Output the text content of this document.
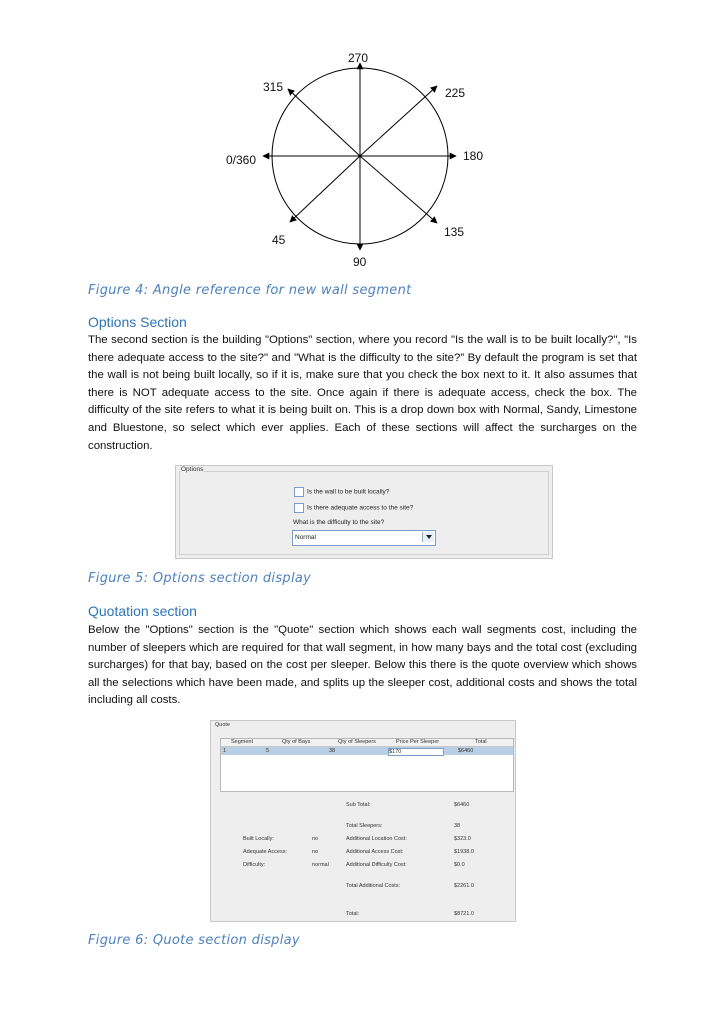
270
225
180
135
90
45
0/360
315
Figure 4: Angle reference for new wall segment
Options Section
The second section is the building "Options" section, where you record "Is the wall is to be built locally?", "Is there adequate access to the site?" and "What is the difficulty to the site?” By default the program is set that the wall is not being built locally, so if it is, make sure that you check the box next to it. It also assumes that there is NOT adequate access to the site. Once again if there is adequate access, check the box. The difficulty of the site refers to what it is being built on. This is a drop down box with Normal, Sandy, Limestone and Bluestone, so select which ever applies. Each of these sections will affect the surcharges on the construction.
Options
Is the wall to be built locally?
Is there adequate access to the site?
What is the difficulty to the site?
Normal
Figure 5: Options section display
Quotation section
Below the "Options" section is the "Quote" section which shows each wall segments cost, including the number of sleepers which are required for that wall segment, in how many bays and the total cost (excluding surcharges) for that bay, based on the cost per sleeper. Below this there is the quote overview which shows all the selections which have been made, and splits up the sleeper cost, additional costs and shows the total including all costs.
Quote
Segment	Qty of Bays	Qty of Sleepers	Price Per Sleeper	Total
1	5	38	$170	$6460
Sub Total:	$6460
Total Sleepers:	38
Built Locally:	no	Additional Location Cost:	$323.0
Adequate Access:	no	Additional Access Cost:	$1938.0
Difficulty:	normal	Additional Difficulty Cost:	$0.0
Total Additional Costs:	$2261.0
Total:	$8721.0
Figure 6: Quote section display
